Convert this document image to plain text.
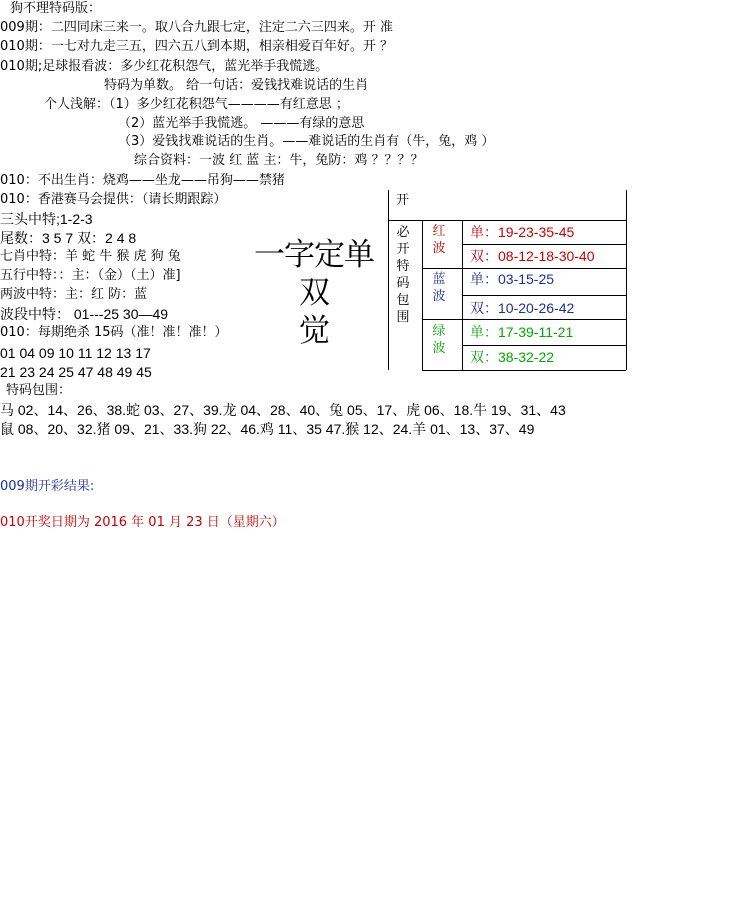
狗不理特码版：
009期：二四同床三来一。取八合九跟七定，注定二六三四来。开 准
010期：一七对九走三五，四六五八到本期，相亲相爱百年好。开 ？
010期;足球报看波：多少红花积怨气，蓝光举手我慌逃。
特码为单数。 给一句话：爱钱找难说话的生肖
个人浅解：（1）多少红花积怨气————有红意思 ；
（2）蓝光举手我慌逃。 ———有绿的意思
（3）爱钱找难说话的生肖。——难说话的生肖有（牛，兔，鸡 ）
综合资料：一波 红 蓝 主：牛，兔防：鸡 ？？？？
010：不出生肖：烧鸡——坐龙——吊狗——禁猪
010：香港赛马会提供：（请长期跟踪）
三头中特;1-2-3
尾数：3 5 7 双：2 4 8
七肖中特：羊 蛇 牛 猴 虎 狗 兔
五行中特：：主：（金）（土）准]
两波中特：主：红 防：蓝
波段中特： 01---25 30—49
010：每期绝杀 15码（准！准！准！）
01 04 09 10 11 12 13 17
21 23 24 25 47 48 49 45
特码包围：
马 02、14、26、38.蛇 03、27、39.龙 04、28、40、兔 05、17、虎 06、18.牛 19、31、43
鼠 08、20、32.猪 09、21、33.狗 22、46.鸡 11、35 47.猴 12、24.羊 01、13、37、49
一字定单双
觉
开
必开特码包围
红波
蓝波
绿波
单：19-23-35-45
双：08-12-18-30-40
单：03-15-25
双：10-20-26-42
单：17-39-11-21
双：38-32-22
009期开彩结果:
010开奖日期为 2016 年 01 月 23 日（星期六）
